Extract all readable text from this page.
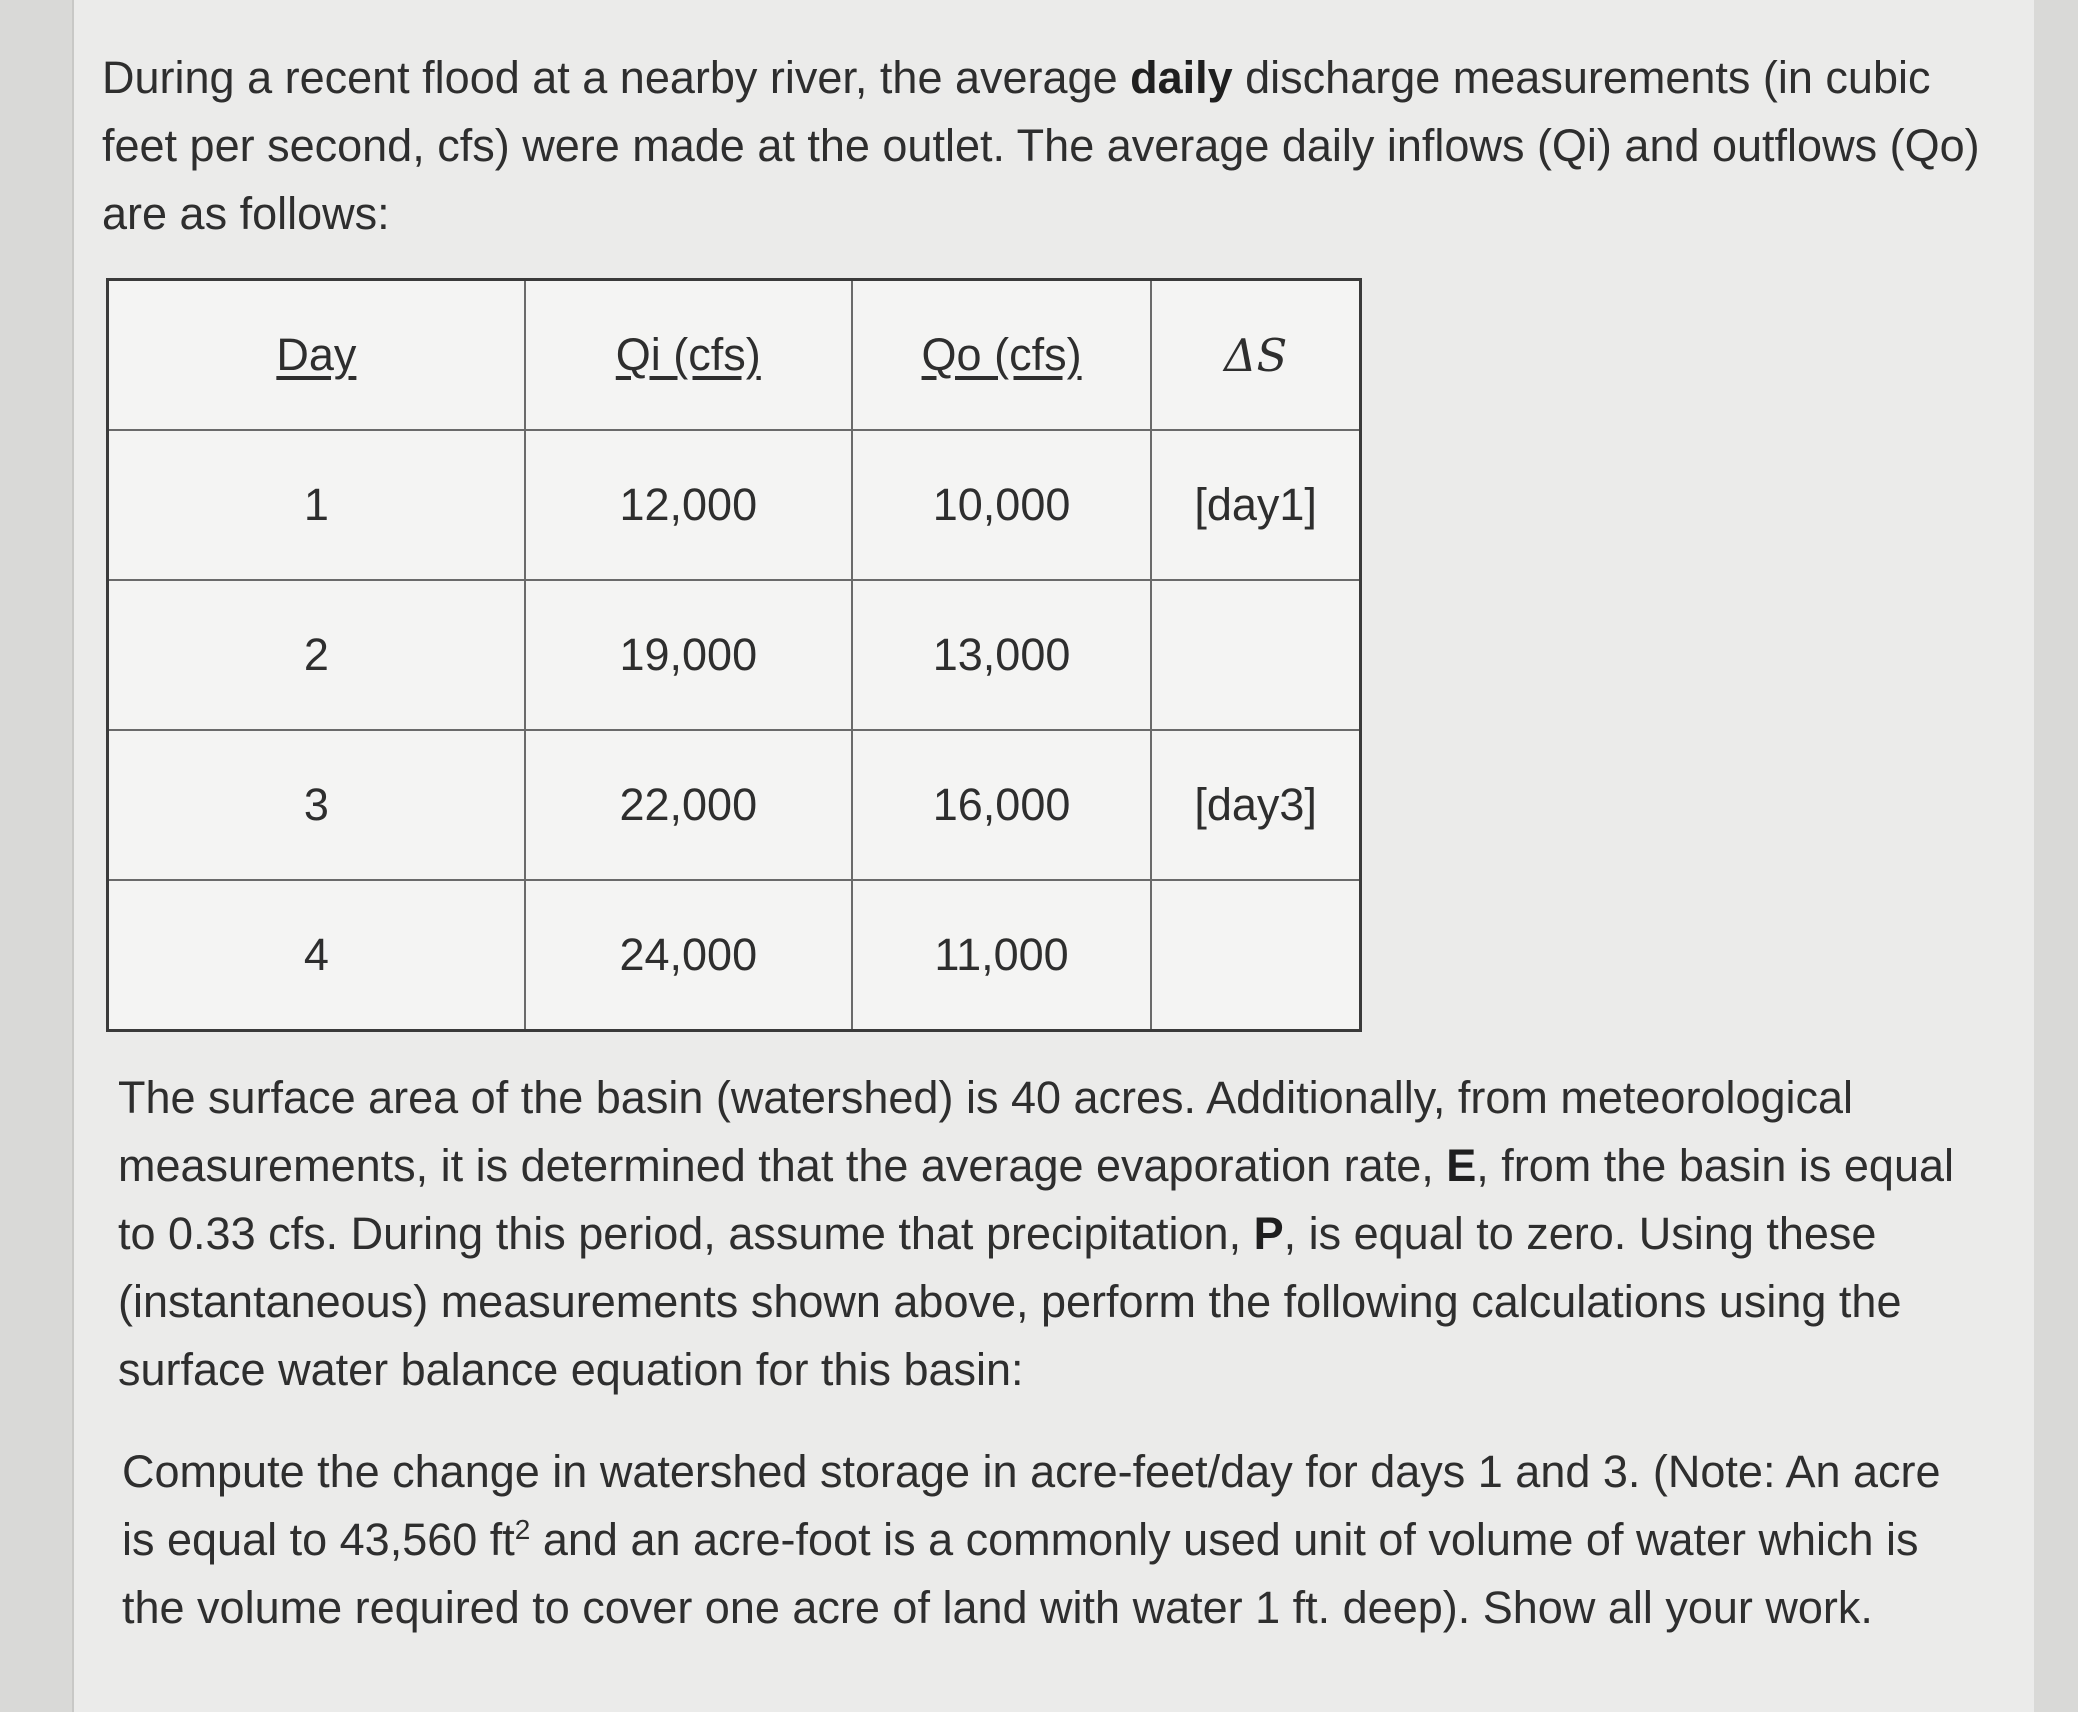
During a recent flood at a nearby river, the average daily discharge measurements (in cubic feet per second, cfs) were made at the outlet. The average daily inflows (Qi) and outflows (Qo) are as follows:

Day	Qi (cfs)	Qo (cfs)	ΔS
1	12,000	10,000	[day1]
2	19,000	13,000	
3	22,000	16,000	[day3]
4	24,000	11,000	

The surface area of the basin (watershed) is 40 acres. Additionally, from meteorological measurements, it is determined that the average evaporation rate, E, from the basin is equal to 0.33 cfs. During this period, assume that precipitation, P, is equal to zero. Using these (instantaneous) measurements shown above, perform the following calculations using the surface water balance equation for this basin:

Compute the change in watershed storage in acre-feet/day for days 1 and 3. (Note: An acre is equal to 43,560 $ft^2$ and an acre-foot is a commonly used unit of volume of water which is the volume required to cover one acre of land with water 1 ft. deep). Show all your work.
